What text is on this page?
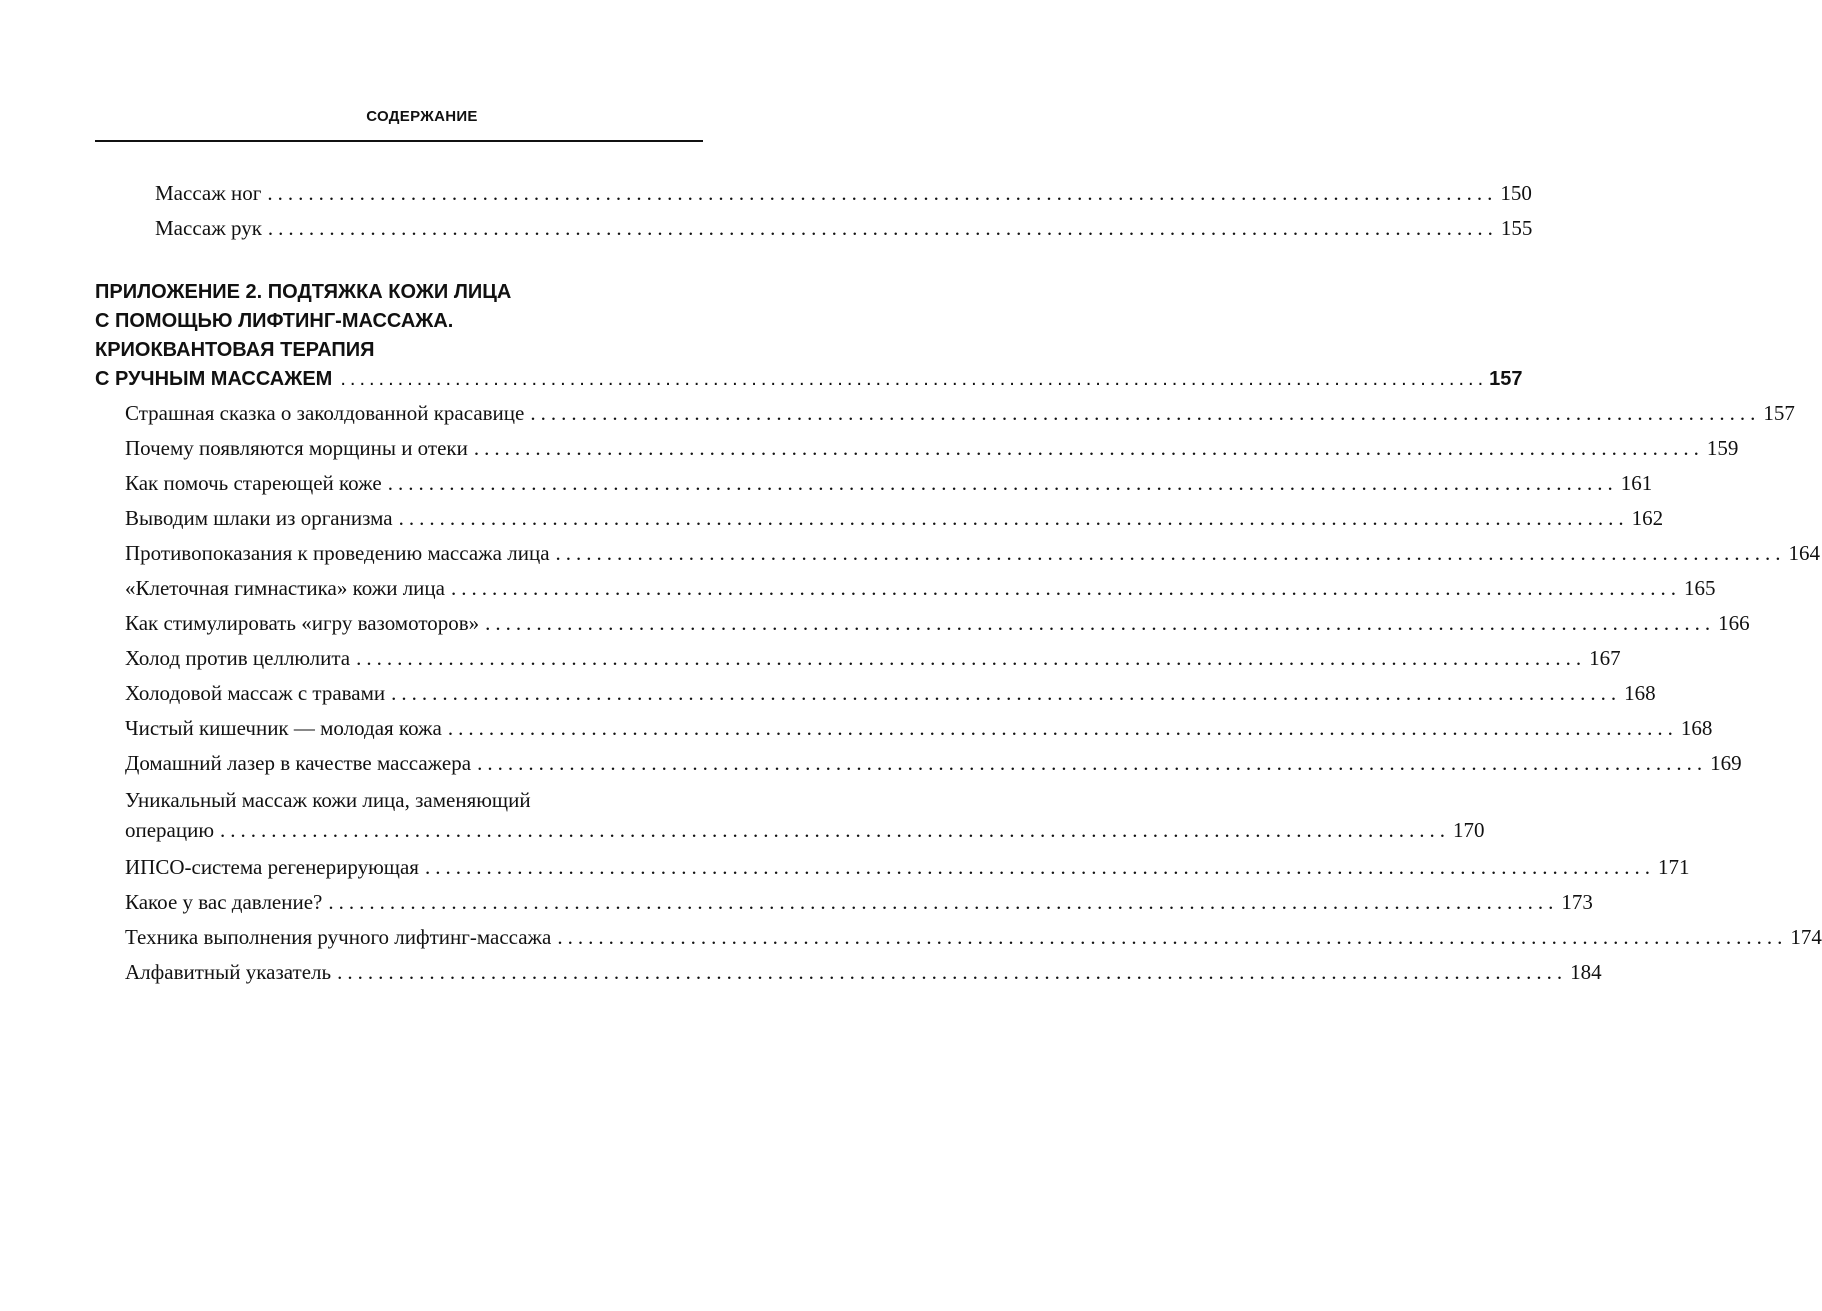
СОДЕРЖАНИЕ
Массаж ног ........................................................................................................................ 150
Массаж рук ........................................................................................................................ 155
ПРИЛОЖЕНИЕ 2. ПОДТЯЖКА КОЖИ ЛИЦА
С ПОМОЩЬЮ ЛИФТИНГ-МАССАЖА.
КРИОКВАНТОВАЯ ТЕРАПИЯ
С РУЧНЫМ МАССАЖЕМ ........................................................................................................................ 157
Страшная сказка о заколдованной красавице ........................................................................................................................ 157
Почему появляются морщины и отеки ........................................................................................................................ 159
Как помочь стареющей коже ........................................................................................................................ 161
Выводим шлаки из организма ........................................................................................................................ 162
Противопоказания к проведению массажа лица ........................................................................................................................ 164
«Клеточная гимнастика» кожи лица ........................................................................................................................ 165
Как стимулировать «игру вазомоторов» ........................................................................................................................ 166
Холод против целлюлита ........................................................................................................................ 167
Холодовой массаж с травами ........................................................................................................................ 168
Чистый кишечник — молодая кожа ........................................................................................................................ 168
Домашний лазер в качестве массажера ........................................................................................................................ 169
Уникальный массаж кожи лица, заменяющий
операцию ........................................................................................................................ 170
ИПСО-система регенерирующая ........................................................................................................................ 171
Какое у вас давление? ........................................................................................................................ 173
Техника выполнения ручного лифтинг-массажа ........................................................................................................................ 174
Алфавитный указатель ........................................................................................................................ 184
